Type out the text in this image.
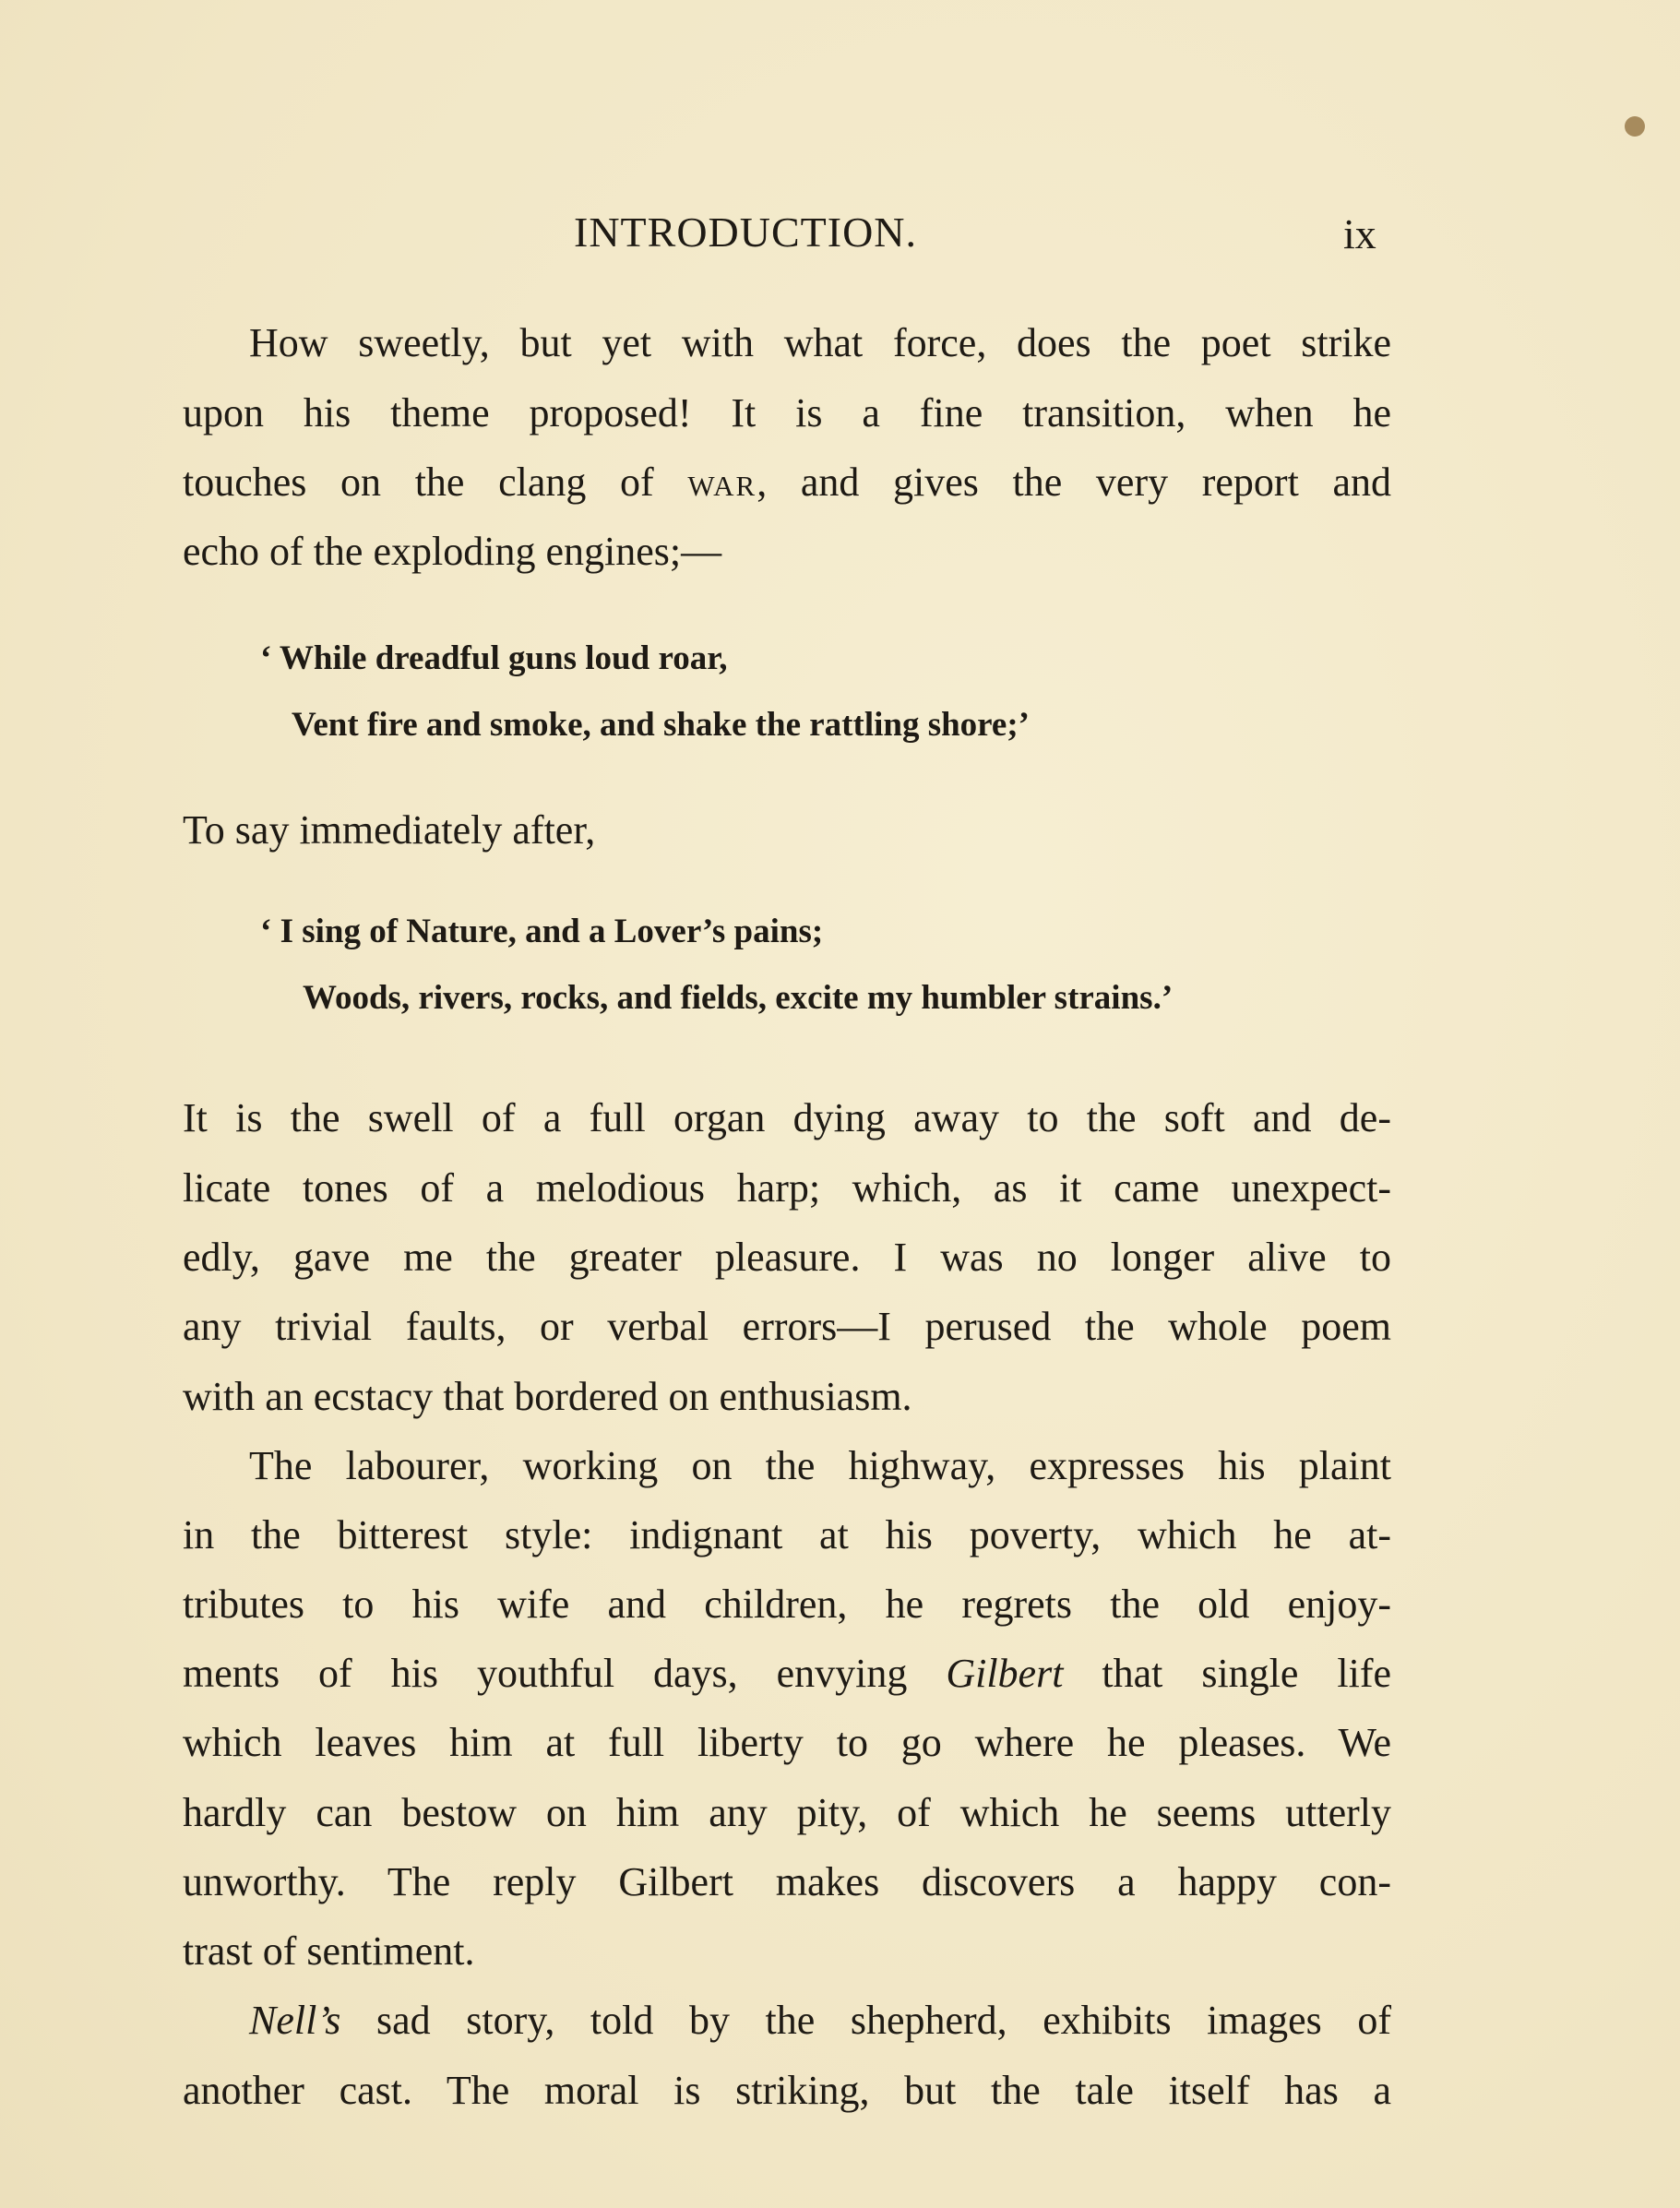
INTRODUCTION.	ix
How sweetly, but yet with what force, does the poet strike
upon his theme proposed! It is a fine transition, when he
touches on the clang of war, and gives the very report and
echo of the exploding engines;—
‘ While dreadful guns loud roar,
Vent fire and smoke, and shake the rattling shore;’
To say immediately after,
‘ I sing of Nature, and a Lover’s pains;
Woods, rivers, rocks, and fields, excite my humbler strains.’
It is the swell of a full organ dying away to the soft and de-
licate tones of a melodious harp; which, as it came unexpect-
edly, gave me the greater pleasure. I was no longer alive to
any trivial faults, or verbal errors—I perused the whole poem
with an ecstacy that bordered on enthusiasm.
The labourer, working on the highway, expresses his plaint
in the bitterest style: indignant at his poverty, which he at-
tributes to his wife and children, he regrets the old enjoy-
ments of his youthful days, envying Gilbert that single life
which leaves him at full liberty to go where he pleases. We
hardly can bestow on him any pity, of which he seems utterly
unworthy. The reply Gilbert makes discovers a happy con-
trast of sentiment.
Nell’s sad story, told by the shepherd, exhibits images of
another cast. The moral is striking, but the tale itself has a
